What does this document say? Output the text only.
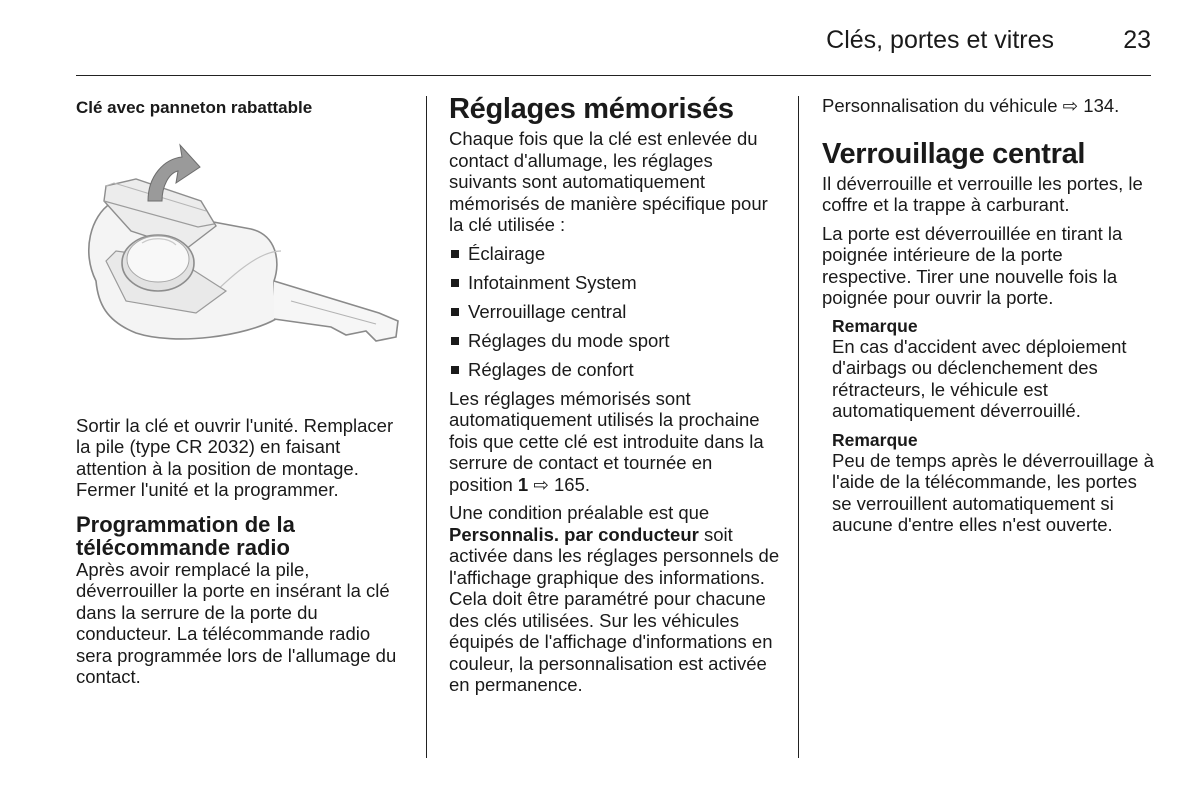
Clés, portes et vitres	23
Clé avec panneton rabattable

Sortir la clé et ouvrir l'unité. Remplacer la pile (type CR 2032) en faisant attention à la position de montage. Fermer l'unité et la programmer.

Programmation de la
télécommande radio

Après avoir remplacé la pile, déverrouiller la porte en insérant la clé dans la serrure de la porte du conducteur. La télécommande radio sera programmée lors de l'allumage du contact.

Réglages mémorisés

Chaque fois que la clé est enlevée du contact d'allumage, les réglages suivants sont automatiquement mémorisés de manière spécifique pour la clé utilisée :

Éclairage
Infotainment System
Verrouillage central
Réglages du mode sport
Réglages de confort

Les réglages mémorisés sont automatiquement utilisés la prochaine fois que cette clé est introduite dans la serrure de contact et tournée en position 1 ⇨ 165.

Une condition préalable est que Personnalis. par conducteur soit activée dans les réglages personnels de l'affichage graphique des informations. Cela doit être paramétré pour chacune des clés utilisées. Sur les véhicules équipés de l'affichage d'informations en couleur, la personnalisation est activée en permanence.

Personnalisation du véhicule ⇨ 134.

Verrouillage central

Il déverrouille et verrouille les portes, le coffre et la trappe à carburant.

La porte est déverrouillée en tirant la poignée intérieure de la porte respective. Tirer une nouvelle fois la poignée pour ouvrir la porte.

Remarque
En cas d'accident avec déploiement d'airbags ou déclenchement des rétracteurs, le véhicule est automatiquement déverrouillé.
Remarque
Peu de temps après le déverrouillage à l'aide de la télécommande, les portes se verrouillent automatiquement si aucune d'entre elles n'est ouverte.
